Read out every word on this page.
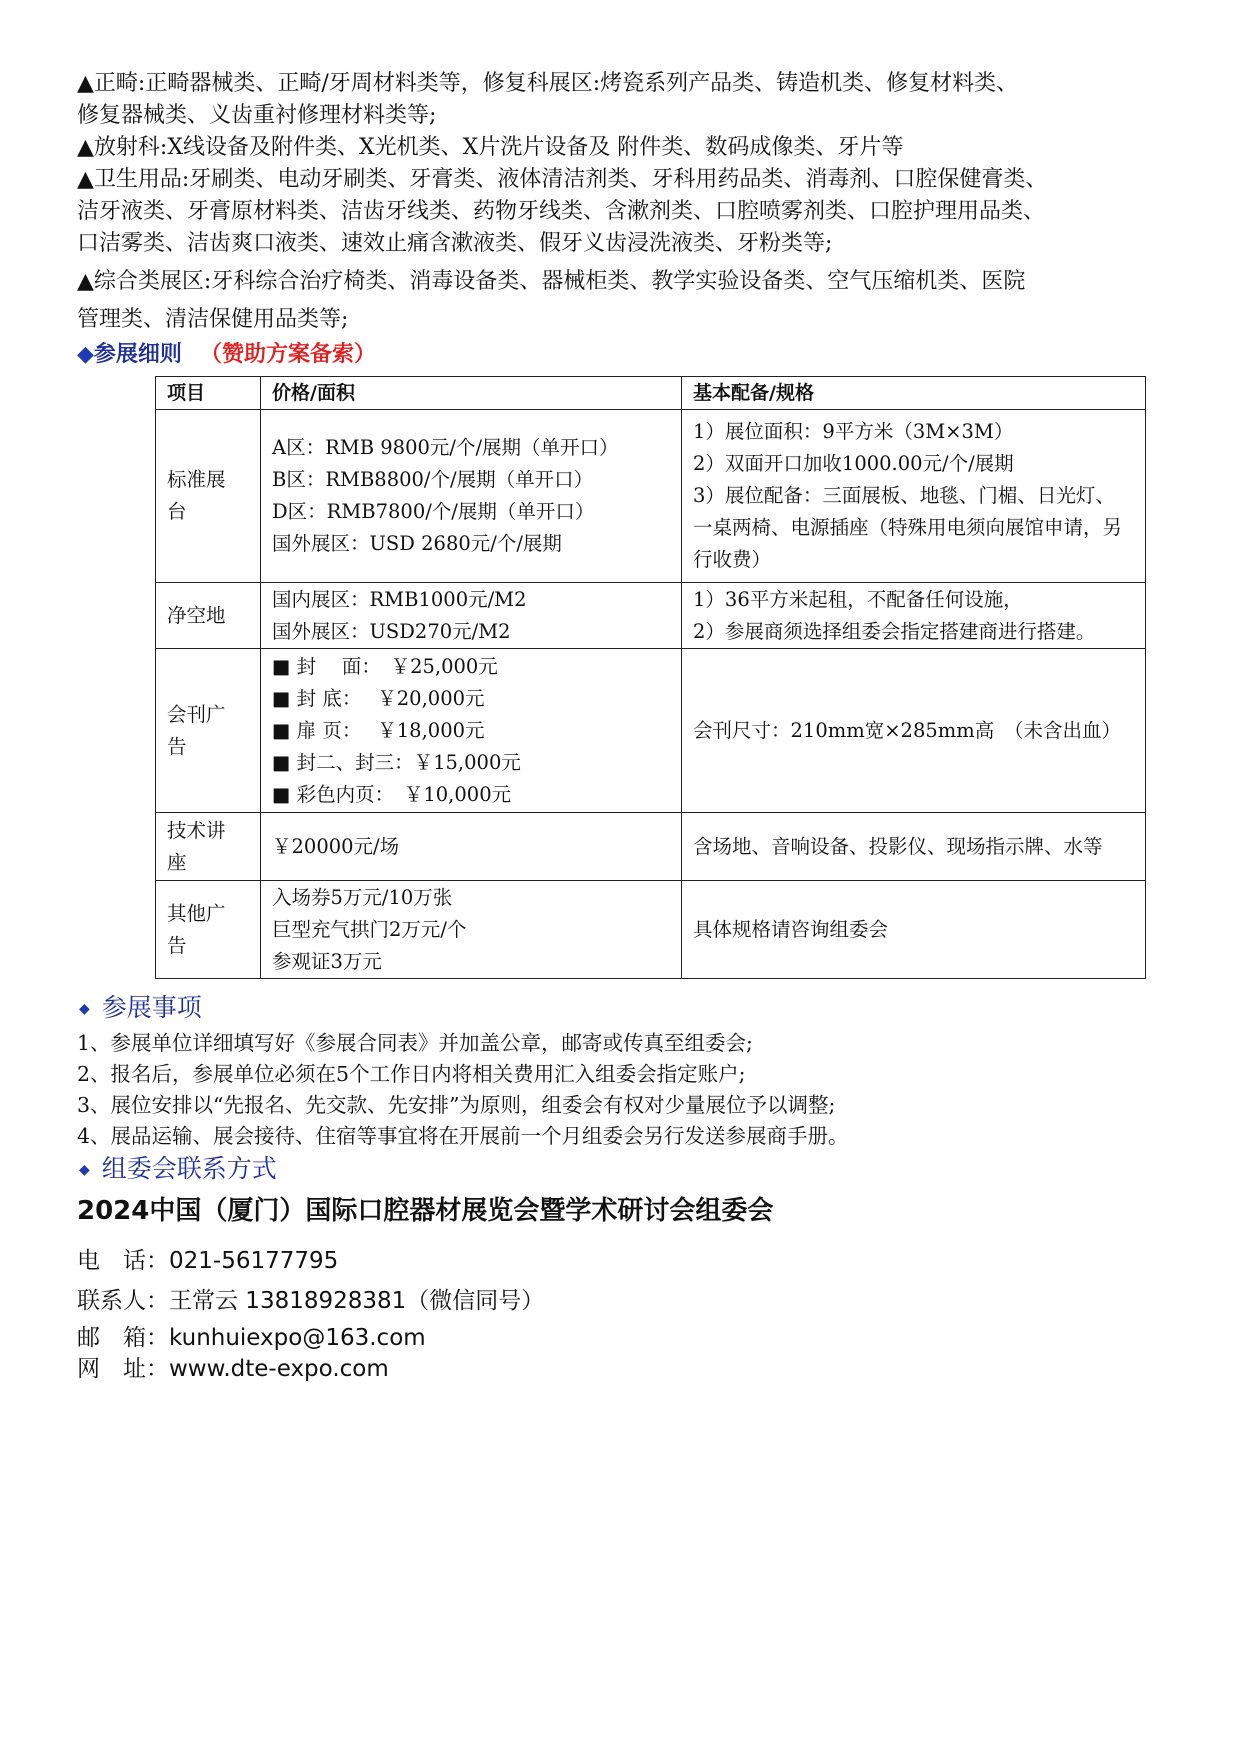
▲正畸:正畸器械类、正畸/牙周材料类等，修复科展区:烤瓷系列产品类、铸造机类、修复材料类、

修复器械类、义齿重衬修理材料类等;

▲放射科:X线设备及附件类、X光机类、X片洗片设备及 附件类、数码成像类、牙片等

▲卫生用品:牙刷类、电动牙刷类、牙膏类、液体清洁剂类、牙科用药品类、消毒剂、口腔保健膏类、

洁牙液类、牙膏原材料类、洁齿牙线类、药物牙线类、含漱剂类、口腔喷雾剂类、口腔护理用品类、

口洁雾类、洁齿爽口液类、速效止痛含漱液类、假牙义齿浸洗液类、牙粉类等;

▲综合类展区:牙科综合治疗椅类、消毒设备类、器械柜类、教学实验设备类、空气压缩机类、医院

管理类、清洁保健用品类等;

◆参展细则 （赞助方案备索）
项目	价格/面积	基本配备/规格

标准展
台	A区：RMB 9800元/个/展期（单开口）
B区：RMB8800/个/展期（单开口）
D区：RMB7800/个/展期（单开口）
国外展区：USD 2680元/个/展期	1）展位面积：9平方米（3M×3M）
2）双面开口加收1000.00元/个/展期
3）展位配备：三面展板、地毯、门楣、日光灯、一桌两椅、电源插座（特殊用电须向展馆申请，另行收费）

净空地	国内展区：RMB1000元/M2
国外展区：USD270元/M2	1）36平方米起租，不配备任何设施，
2）参展商须选择组委会指定搭建商进行搭建。

会刊广
告	■ 封　 面：　￥25,000元
■ 封 底：　 ￥20,000元
■ 扉 页：　 ￥18,000元
■ 封二、封三：￥15,000元
■ 彩色内页：　￥10,000元	会刊尺寸：210mm宽×285mm高　（未含出血）

技术讲
座	￥20000元/场	含场地、音响设备、投影仪、现场指示牌、水等

其他广
告	入场券5万元/10万张
巨型充气拱门2万元/个
参观证3万元	具体规格请咨询组委会
◆ 参展事项

1、参展单位详细填写好《参展合同表》并加盖公章，邮寄或传真至组委会;

2、报名后，参展单位必须在5个工作日内将相关费用汇入组委会指定账户;

3、展位安排以“先报名、先交款、先安排”为原则，组委会有权对少量展位予以调整;

4、展品运输、展会接待、住宿等事宜将在开展前一个月组委会另行发送参展商手册。

◆ 组委会联系方式
2024中国（厦门）国际口腔器材展览会暨学术研讨会组委会

电　话：021-56177795

联系人：王常云 13818928381（微信同号）

邮　箱：kunhuiexpo@163.com

网　址：www.dte-expo.com
